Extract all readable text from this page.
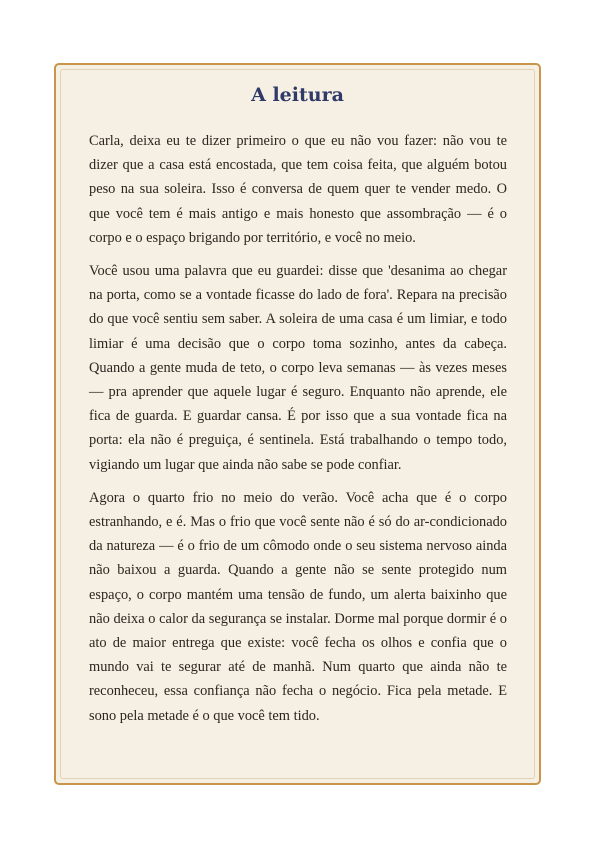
A leitura

Carla, deixa eu te dizer primeiro o que eu não vou fazer: não vou te dizer que a casa está encostada, que tem coisa feita, que alguém botou peso na sua soleira. Isso é conversa de quem quer te vender medo. O que você tem é mais antigo e mais honesto que assombração — é o corpo e o espaço brigando por território, e você no meio.

Você usou uma palavra que eu guardei: disse que 'desanima ao chegar na porta, como se a vontade ficasse do lado de fora'. Repara na precisão do que você sentiu sem saber. A soleira de uma casa é um limiar, e todo limiar é uma decisão que o corpo toma sozinho, antes da cabeça. Quando a gente muda de teto, o corpo leva semanas — às vezes meses — pra aprender que aquele lugar é seguro. Enquanto não aprende, ele fica de guarda. E guardar cansa. É por isso que a sua vontade fica na porta: ela não é preguiça, é sentinela. Está trabalhando o tempo todo, vigiando um lugar que ainda não sabe se pode confiar.

Agora o quarto frio no meio do verão. Você acha que é o corpo estranhando, e é. Mas o frio que você sente não é só do ar-condicionado da natureza — é o frio de um cômodo onde o seu sistema nervoso ainda não baixou a guarda. Quando a gente não se sente protegido num espaço, o corpo mantém uma tensão de fundo, um alerta baixinho que não deixa o calor da segurança se instalar. Dorme mal porque dormir é o ato de maior entrega que existe: você fecha os olhos e confia que o mundo vai te segurar até de manhã. Num quarto que ainda não te reconheceu, essa confiança não fecha o negócio. Fica pela metade. E sono pela metade é o que você tem tido.
